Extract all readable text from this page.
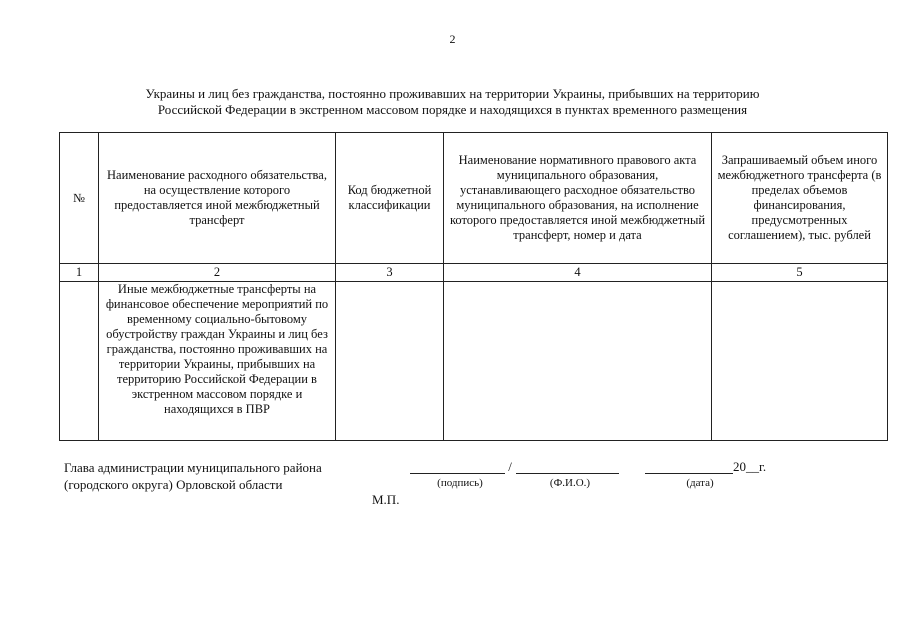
2
Украины и лиц без гражданства, постоянно проживавших на территории Украины, прибывших на территорию
Российской Федерации в экстренном массовом порядке и находящихся в пунктах временного размещения
№	Наименование расходного обязательства, на осуществление которого предоставляется иной межбюджетный трансферт	Код бюджетной классификации	Наименование нормативного правового акта муниципального образования, устанавливающего расходное обязательство муниципального образования, на исполнение которого предоставляется иной межбюджетный трансферт, номер и дата	Запрашиваемый объем иного межбюджетного трансферта (в пределах объемов финансирования, предусмотренных соглашением), тыс. рублей
1	2	3	4	5
	Иные межбюджетные трансферты на финансовое обеспечение мероприятий по временному социально-бытовому обустройству граждан Украины и лиц без гражданства, постоянно проживавших на территории Украины, прибывших на территорию Российской Федерации в экстренном массовом порядке и находящихся в ПВР			
Глава администрации муниципального района
(городского округа) Орловской области
/	20__г.
(подпись)	(Ф.И.О.)	(дата)
М.П.
